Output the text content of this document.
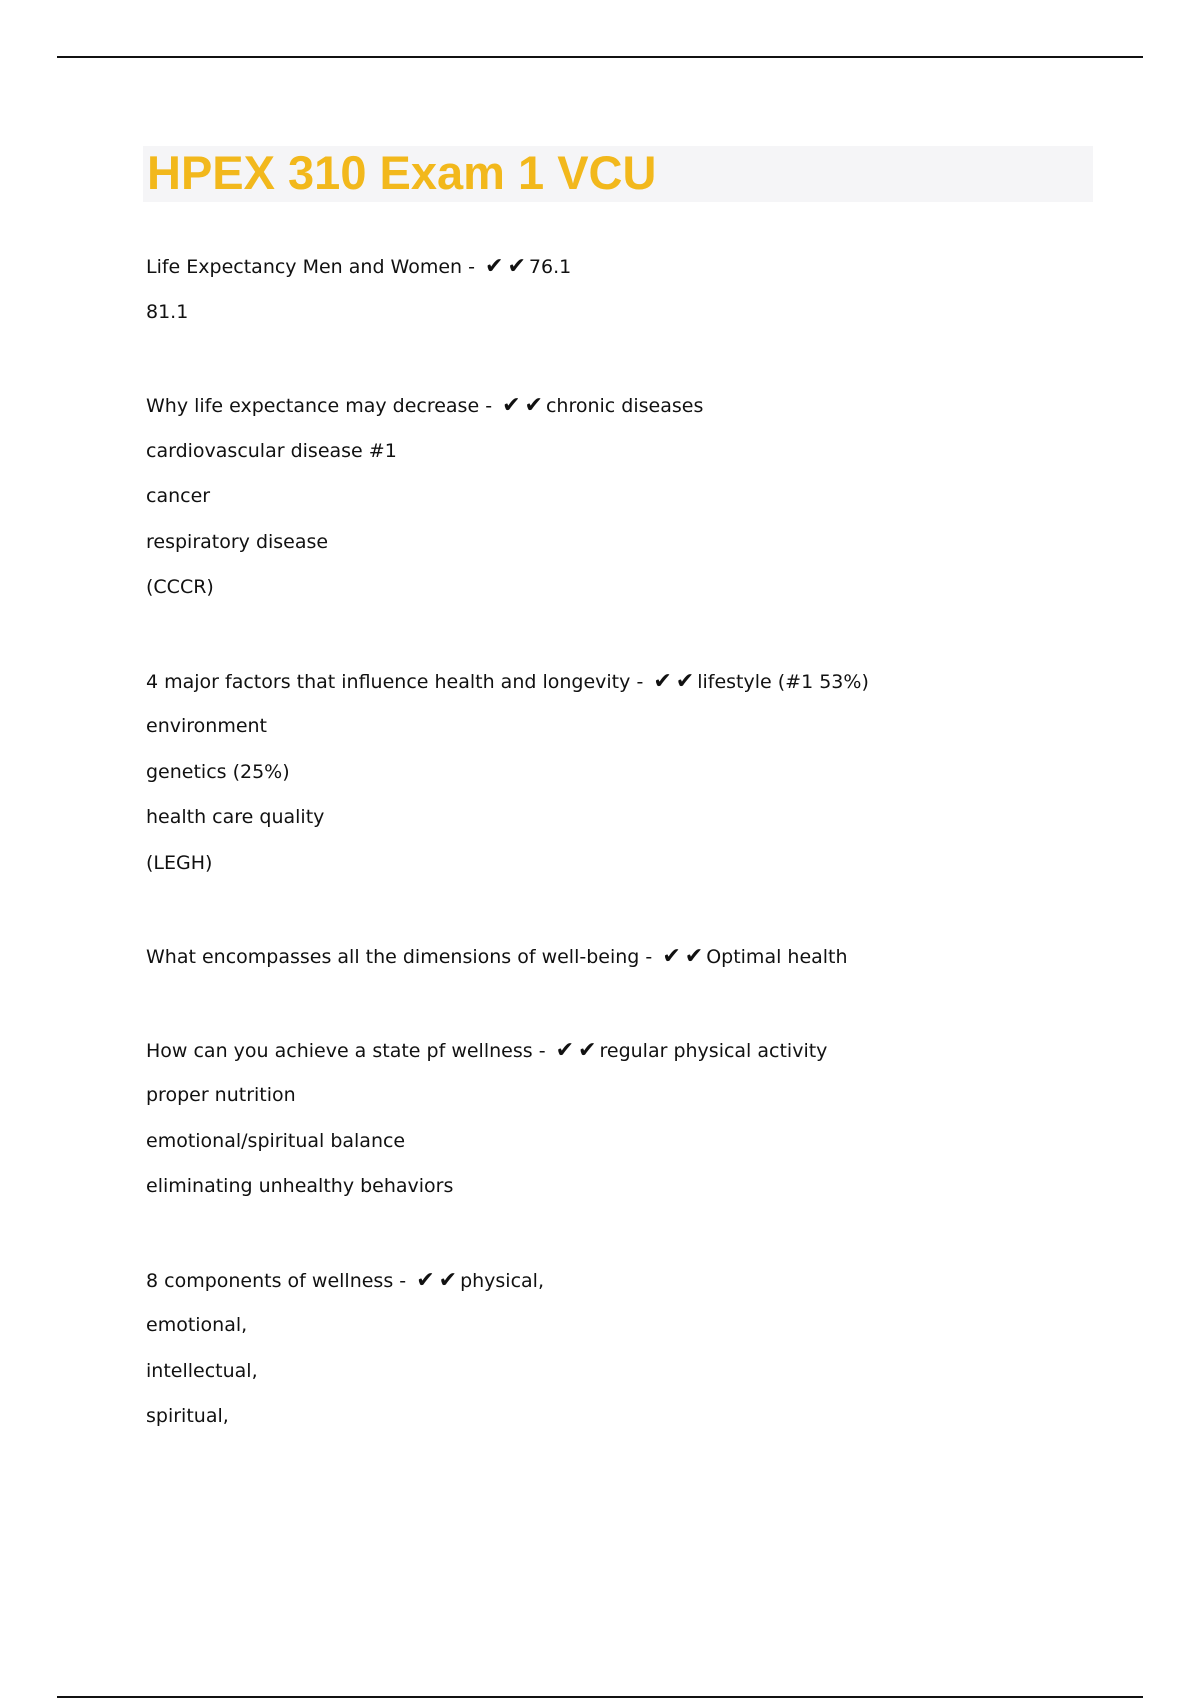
HPEX 310 Exam 1 VCU
Life Expectancy Men and Women - ✔ ✔ 76.1
81.1
Why life expectance may decrease - ✔ ✔ chronic diseases
cardiovascular disease #1
cancer
respiratory disease
(CCCR)
4 major factors that influence health and longevity - ✔ ✔ lifestyle (#1 53%)
environment
genetics (25%)
health care quality
(LEGH)
What encompasses all the dimensions of well-being - ✔ ✔ Optimal health
How can you achieve a state pf wellness - ✔ ✔ regular physical activity
proper nutrition
emotional/spiritual balance
eliminating unhealthy behaviors
8 components of wellness - ✔ ✔ physical,
emotional,
intellectual,
spiritual,
